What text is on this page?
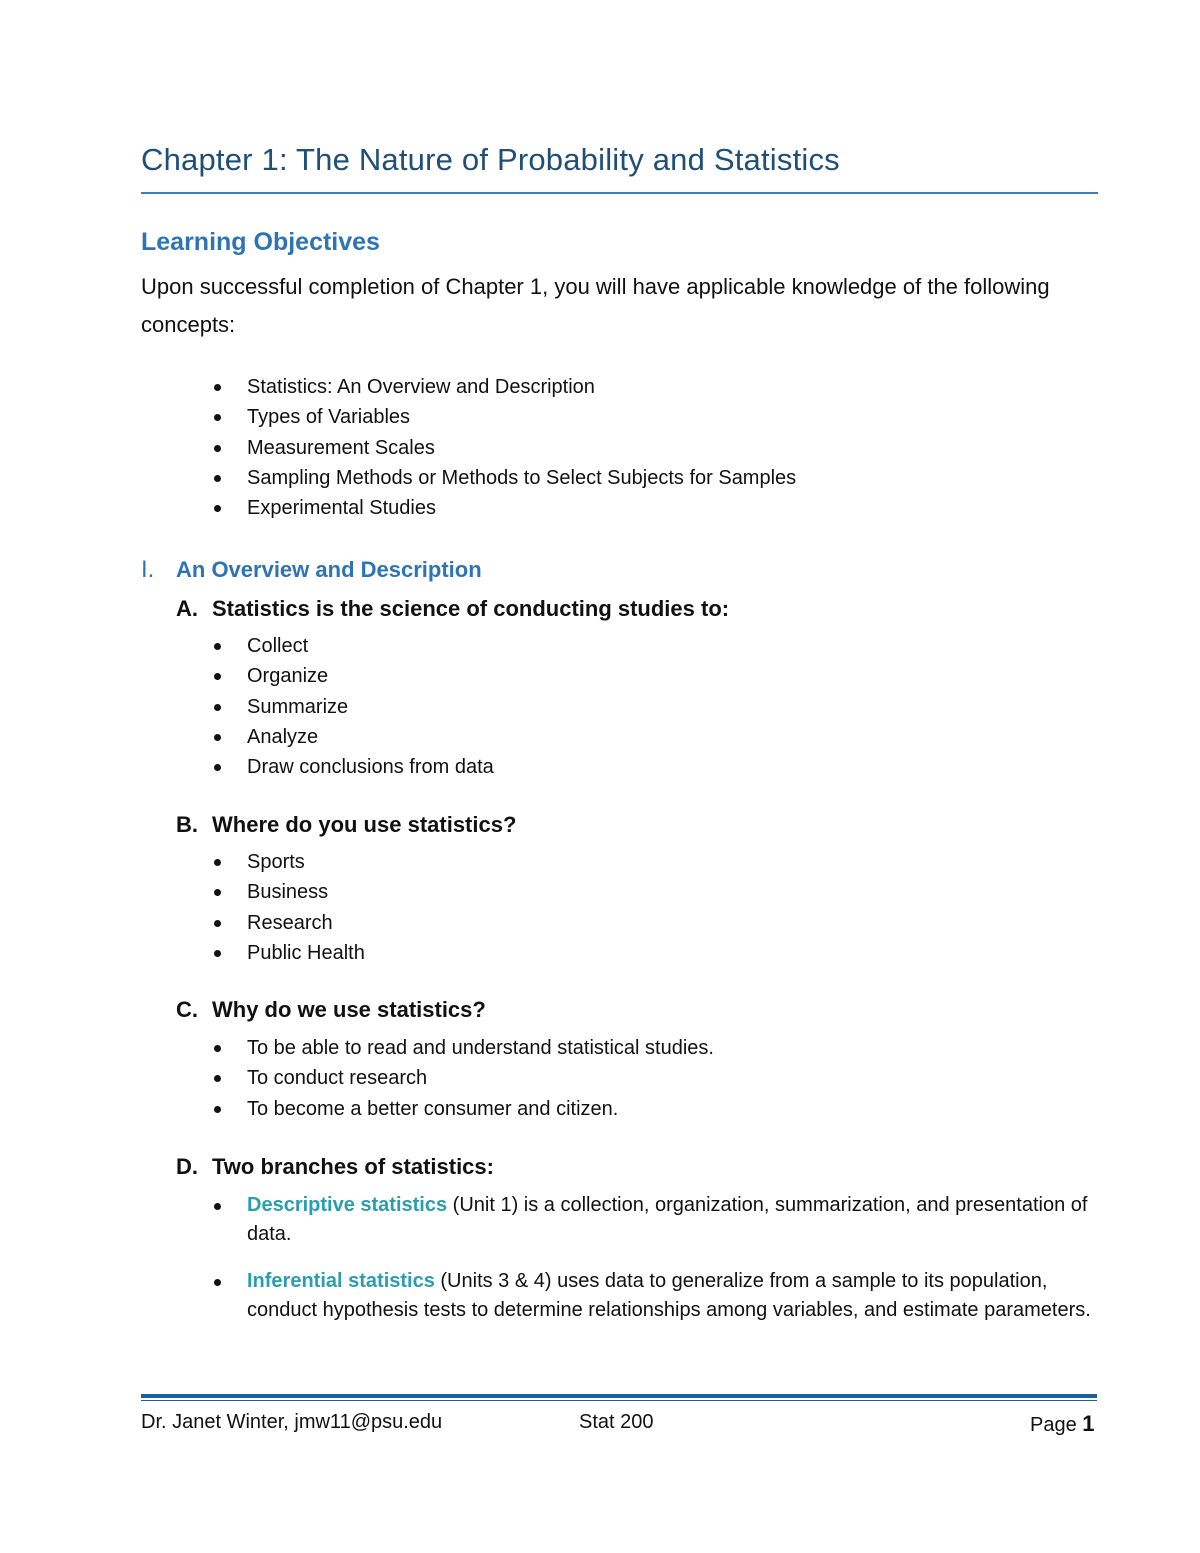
Chapter 1: The Nature of Probability and Statistics
Learning Objectives
Upon successful completion of Chapter 1, you will have applicable knowledge of the following concepts:
Statistics: An Overview and Description
Types of Variables
Measurement Scales
Sampling Methods or Methods to Select Subjects for Samples
Experimental Studies
I. An Overview and Description
A. Statistics is the science of conducting studies to:
Collect
Organize
Summarize
Analyze
Draw conclusions from data
B. Where do you use statistics?
Sports
Business
Research
Public Health
C. Why do we use statistics?
To be able to read and understand statistical studies.
To conduct research
To become a better consumer and citizen.
D. Two branches of statistics:
Descriptive statistics (Unit 1) is a collection, organization, summarization, and presentation of data.
Inferential statistics (Units 3 & 4) uses data to generalize from a sample to its population, conduct hypothesis tests to determine relationships among variables, and estimate parameters.
Dr. Janet Winter, jmw11@psu.edu	Stat 200	Page 1
